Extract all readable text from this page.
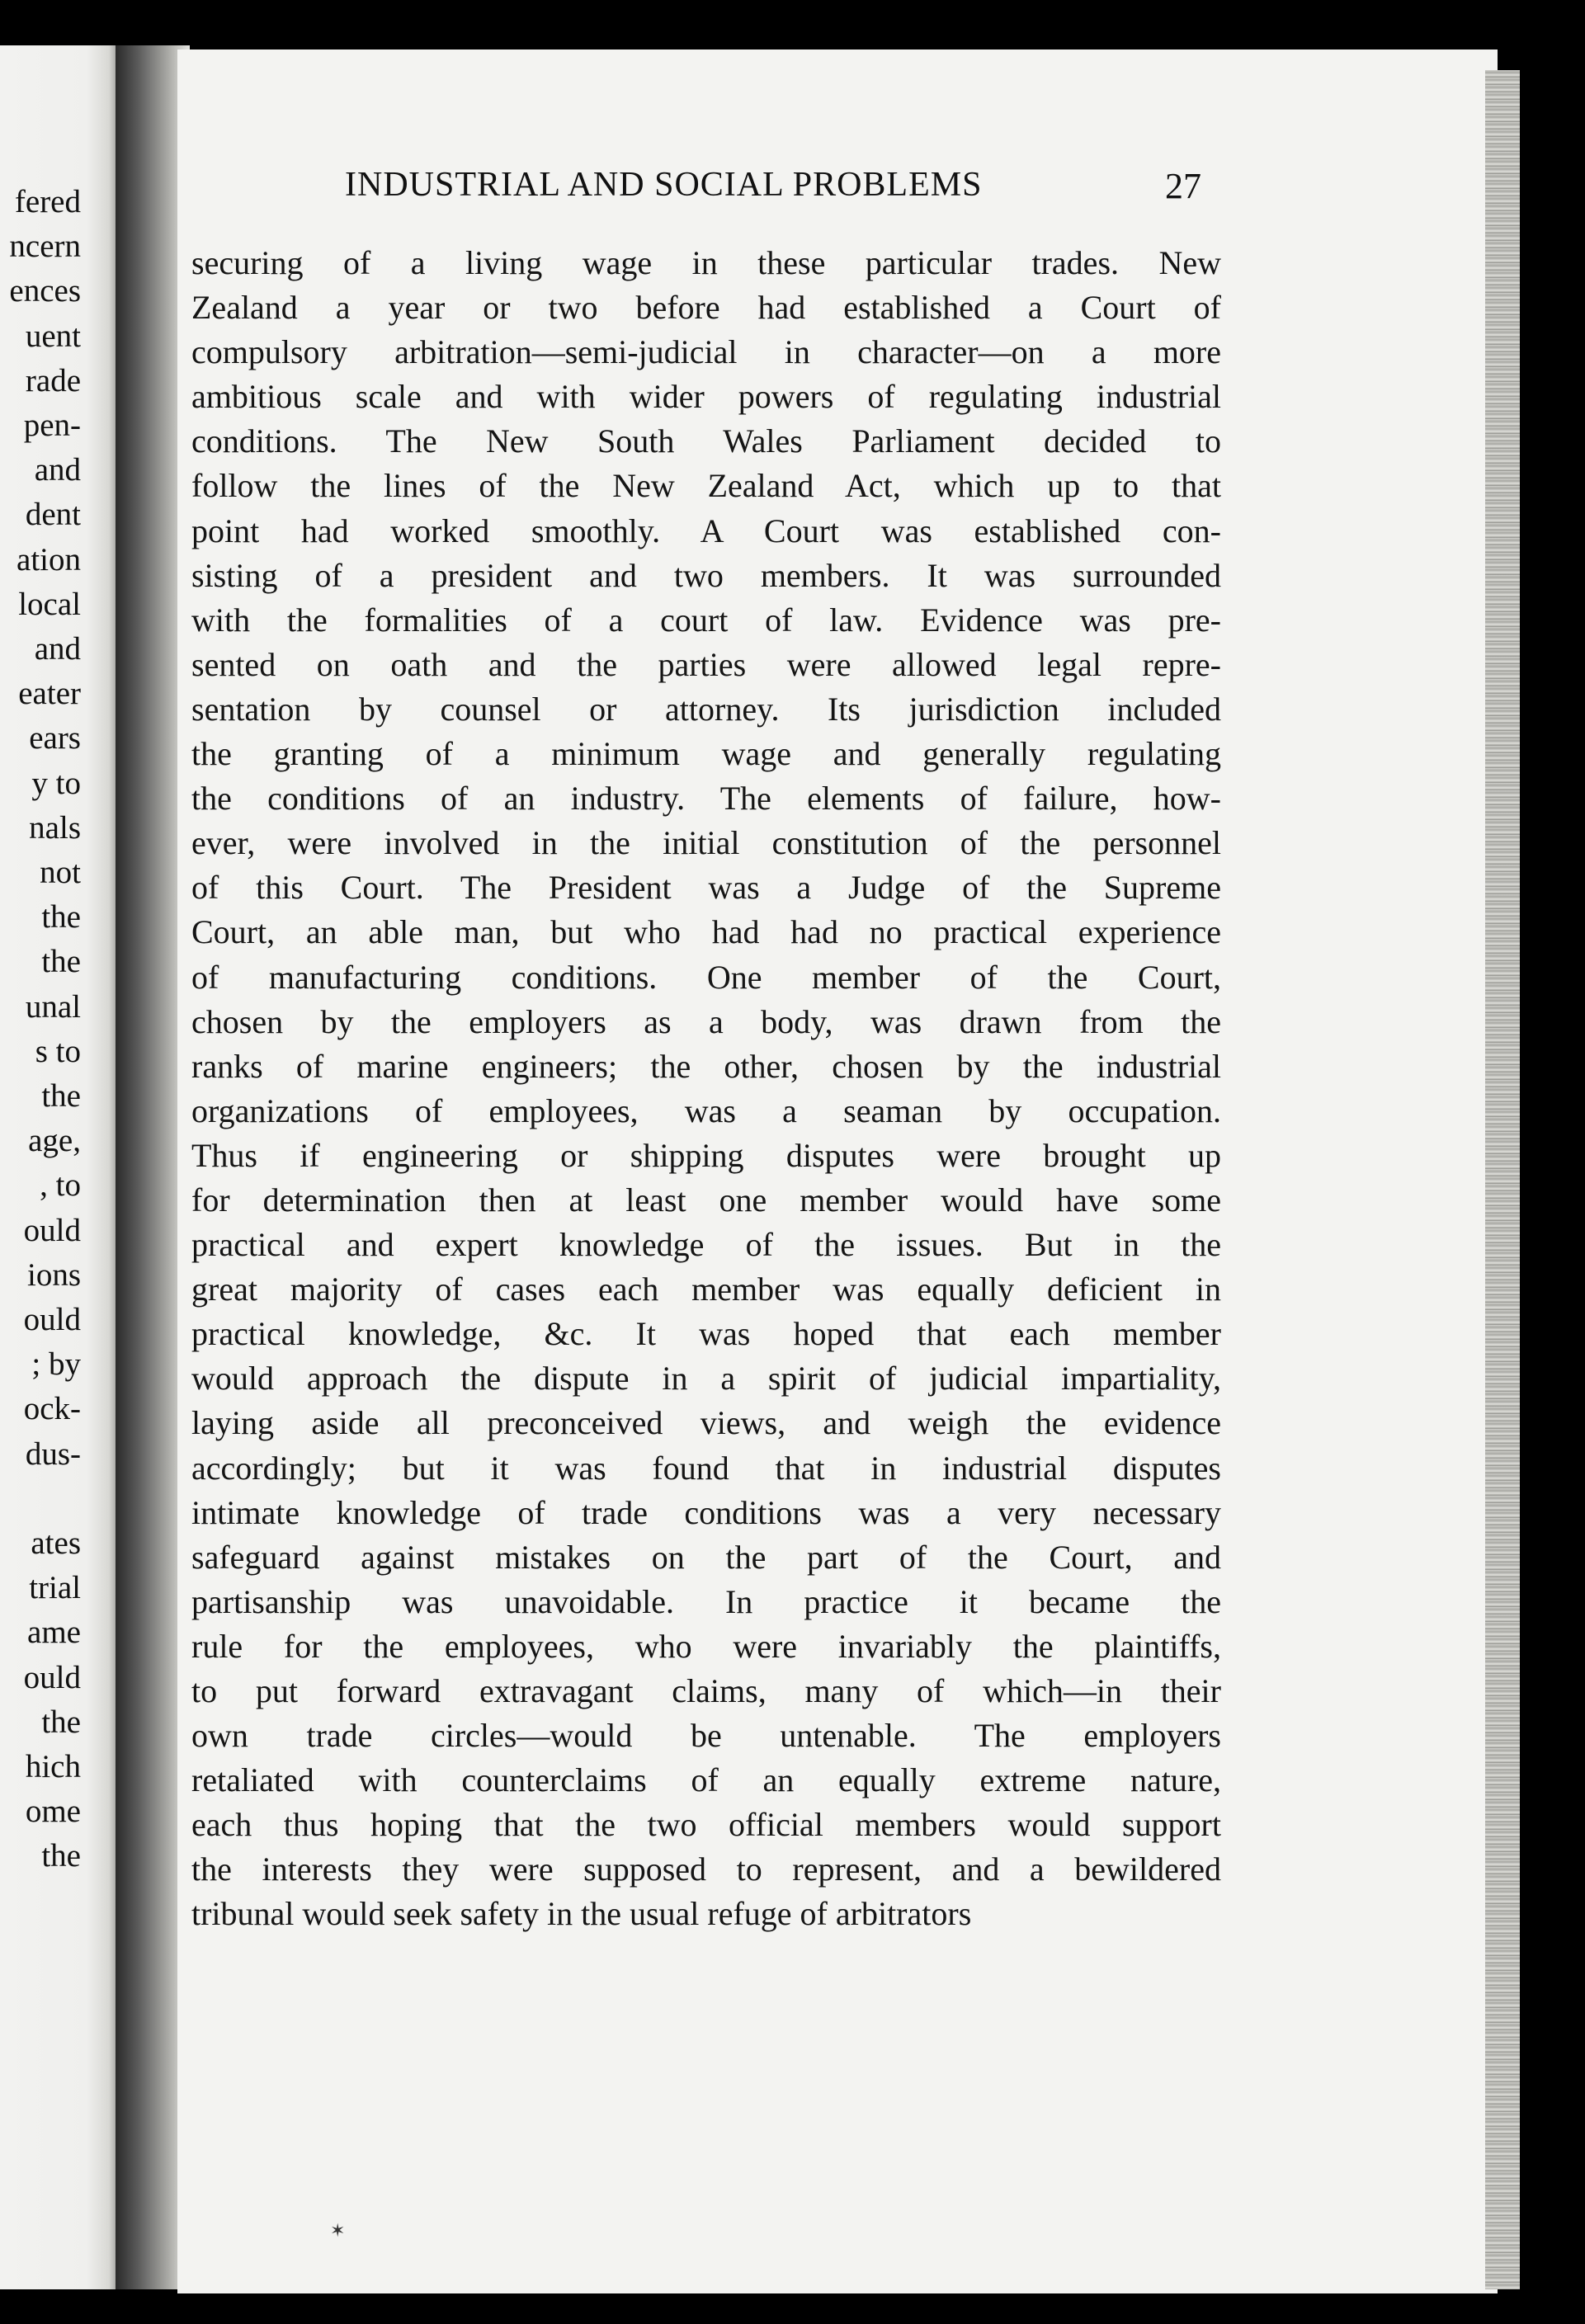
fered
ncern
ences
uent
rade
pen-
and
dent
ation
local
and
eater
ears
y to
nals
not
the
the
unal
s to
the
age,
, to
ould
ions
ould
; by
ock-
dus-
ates
trial
ame
ould
the
hich
ome
the
INDUSTRIAL AND SOCIAL PROBLEMS	27
securing of a living wage in these particular trades. New
Zealand a year or two before had established a Court of
compulsory arbitration—semi-judicial in character—on a more
ambitious scale and with wider powers of regulating industrial
conditions. The New South Wales Parliament decided to
follow the lines of the New Zealand Act, which up to that
point had worked smoothly. A Court was established con-
sisting of a president and two members. It was surrounded
with the formalities of a court of law. Evidence was pre-
sented on oath and the parties were allowed legal repre-
sentation by counsel or attorney. Its jurisdiction included
the granting of a minimum wage and generally regulating
the conditions of an industry. The elements of failure, how-
ever, were involved in the initial constitution of the personnel
of this Court. The President was a Judge of the Supreme
Court, an able man, but who had had no practical experience
of manufacturing conditions. One member of the Court,
chosen by the employers as a body, was drawn from the
ranks of marine engineers; the other, chosen by the industrial
organizations of employees, was a seaman by occupation.
Thus if engineering or shipping disputes were brought up
for determination then at least one member would have some
practical and expert knowledge of the issues. But in the
great majority of cases each member was equally deficient in
practical knowledge, &c. It was hoped that each member
would approach the dispute in a spirit of judicial impartiality,
laying aside all preconceived views, and weigh the evidence
accordingly; but it was found that in industrial disputes
intimate knowledge of trade conditions was a very necessary
safeguard against mistakes on the part of the Court, and
partisanship was unavoidable. In practice it became the
rule for the employees, who were invariably the plaintiffs,
to put forward extravagant claims, many of which—in their
own trade circles—would be untenable. The employers
retaliated with counterclaims of an equally extreme nature,
each thus hoping that the two official members would support
the interests they were supposed to represent, and a bewildered
tribunal would seek safety in the usual refuge of arbitrators
✶
